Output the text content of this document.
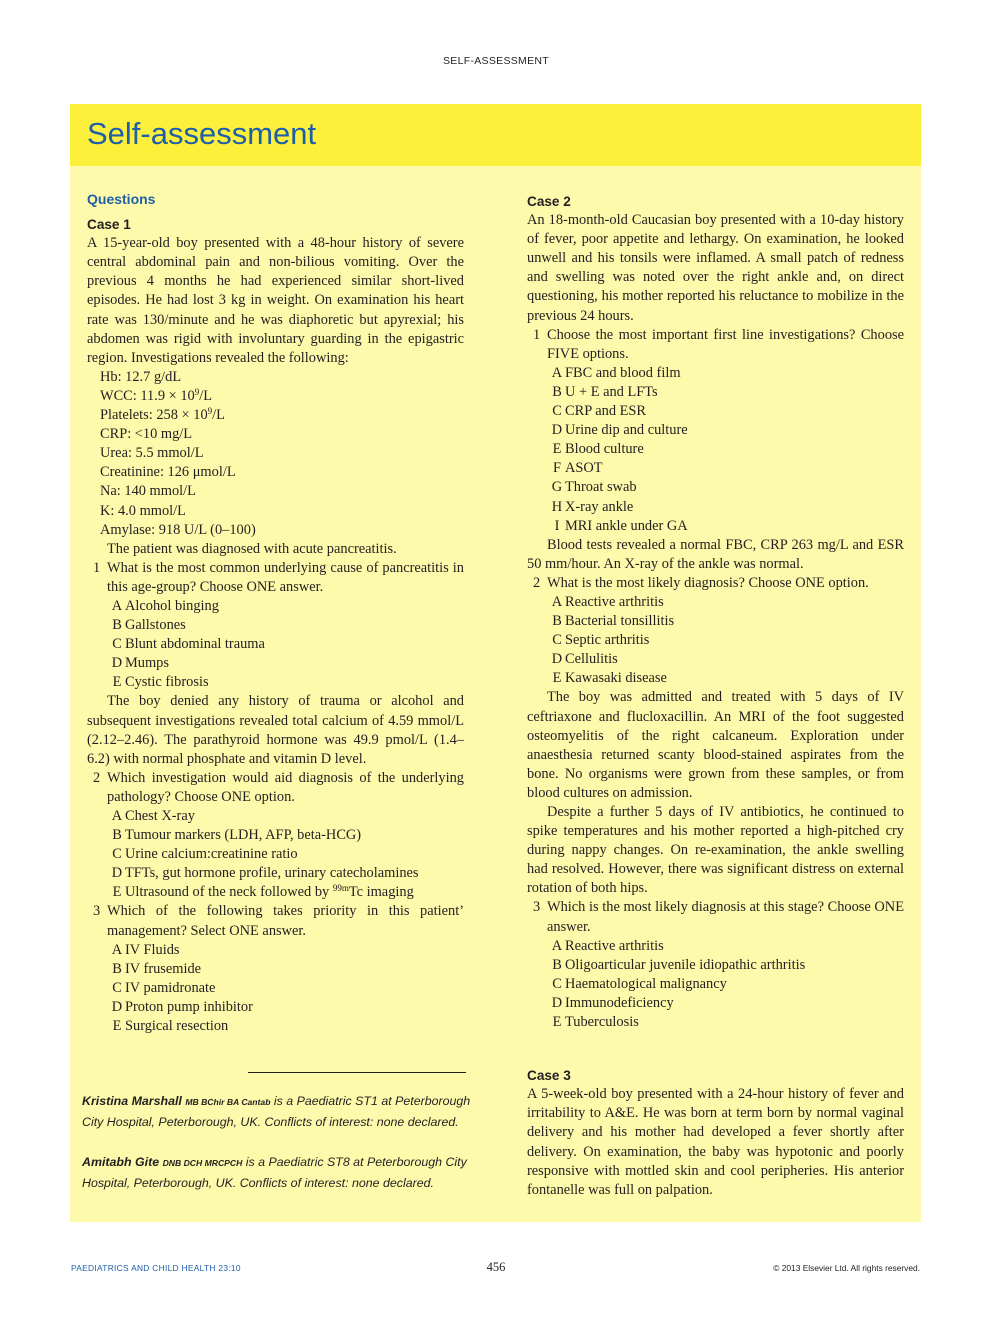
SELF-ASSESSMENT
Self-assessment
Questions
Case 1

A 15-year-old boy presented with a 48-hour history of severe central abdominal pain and non-bilious vomiting. Over the previous 4 months he had experienced similar short-lived episodes. He had lost 3 kg in weight. On examination his heart rate was 130/minute and he was diaphoretic but apyrexial; his abdomen was rigid with involuntary guarding in the epigastric region. Investigations revealed the following:

Hb: 12.7 g/dL
WCC: $11.9 \times 10^9/L$
Platelets: $258 \times 10^9/L$
CRP: <10 mg/L
Urea: 5.5 mmol/L
Creatinine: 126 μmol/L
Na: 140 mmol/L
K: 4.0 mmol/L
Amylase: 918 U/L (0–100)

The patient was diagnosed with acute pancreatitis.

1 What is the most common underlying cause of pancreatitis in this age-group? Choose ONE answer.
A Alcohol binging
B Gallstones
C Blunt abdominal trauma
D Mumps
E Cystic fibrosis

The boy denied any history of trauma or alcohol and subsequent investigations revealed total calcium of 4.59 mmol/L (2.12–2.46). The parathyroid hormone was 49.9 pmol/L (1.4–6.2) with normal phosphate and vitamin D level.

2 Which investigation would aid diagnosis of the underlying pathology? Choose ONE option.
A Chest X-ray
B Tumour markers (LDH, AFP, beta-HCG)
C Urine calcium:creatinine ratio
D TFTs, gut hormone profile, urinary catecholamines
E Ultrasound of the neck followed by $^{99m}$Tc imaging
3 Which of the following takes priority in this patient’ management? Select ONE answer.
A IV Fluids
B IV frusemide
C IV pamidronate
D Proton pump inhibitor
E Surgical resection

Kristina Marshall MB BChir BA Cantab is a Paediatric ST1 at Peterborough City Hospital, Peterborough, UK. Conflicts of interest: none declared.

Amitabh Gite DNB DCH MRCPCH is a Paediatric ST8 at Peterborough City Hospital, Peterborough, UK. Conflicts of interest: none declared.

Case 2

An 18-month-old Caucasian boy presented with a 10-day history of fever, poor appetite and lethargy. On examination, he looked unwell and his tonsils were inflamed. A small patch of redness and swelling was noted over the right ankle and, on direct questioning, his mother reported his reluctance to mobilize in the previous 24 hours.

1 Choose the most important first line investigations? Choose FIVE options.
A FBC and blood film
B U + E and LFTs
C CRP and ESR
D Urine dip and culture
E Blood culture
F ASOT
G Throat swab
H X-ray ankle
I MRI ankle under GA

Blood tests revealed a normal FBC, CRP 263 mg/L and ESR 50 mm/hour. An X-ray of the ankle was normal.

2 What is the most likely diagnosis? Choose ONE option.
A Reactive arthritis
B Bacterial tonsillitis
C Septic arthritis
D Cellulitis
E Kawasaki disease

The boy was admitted and treated with 5 days of IV ceftriaxone and flucloxacillin. An MRI of the foot suggested osteomyelitis of the right calcaneum. Exploration under anaesthesia returned scanty blood-stained aspirates from the bone. No organisms were grown from these samples, or from blood cultures on admission.

Despite a further 5 days of IV antibiotics, he continued to spike temperatures and his mother reported a high-pitched cry during nappy changes. On re-examination, the ankle swelling had resolved. However, there was significant distress on external rotation of both hips.

3 Which is the most likely diagnosis at this stage? Choose ONE answer.
A Reactive arthritis
B Oligoarticular juvenile idiopathic arthritis
C Haematological malignancy
D Immunodeficiency
E Tuberculosis
Case 3

A 5-week-old boy presented with a 24-hour history of fever and irritability to A&E. He was born at term born by normal vaginal delivery and his mother had developed a fever shortly after delivery. On examination, the baby was hypotonic and poorly responsive with mottled skin and cool peripheries. His anterior fontanelle was full on palpation.

PAEDIATRICS AND CHILD HEALTH 23:10	456	© 2013 Elsevier Ltd. All rights reserved.
